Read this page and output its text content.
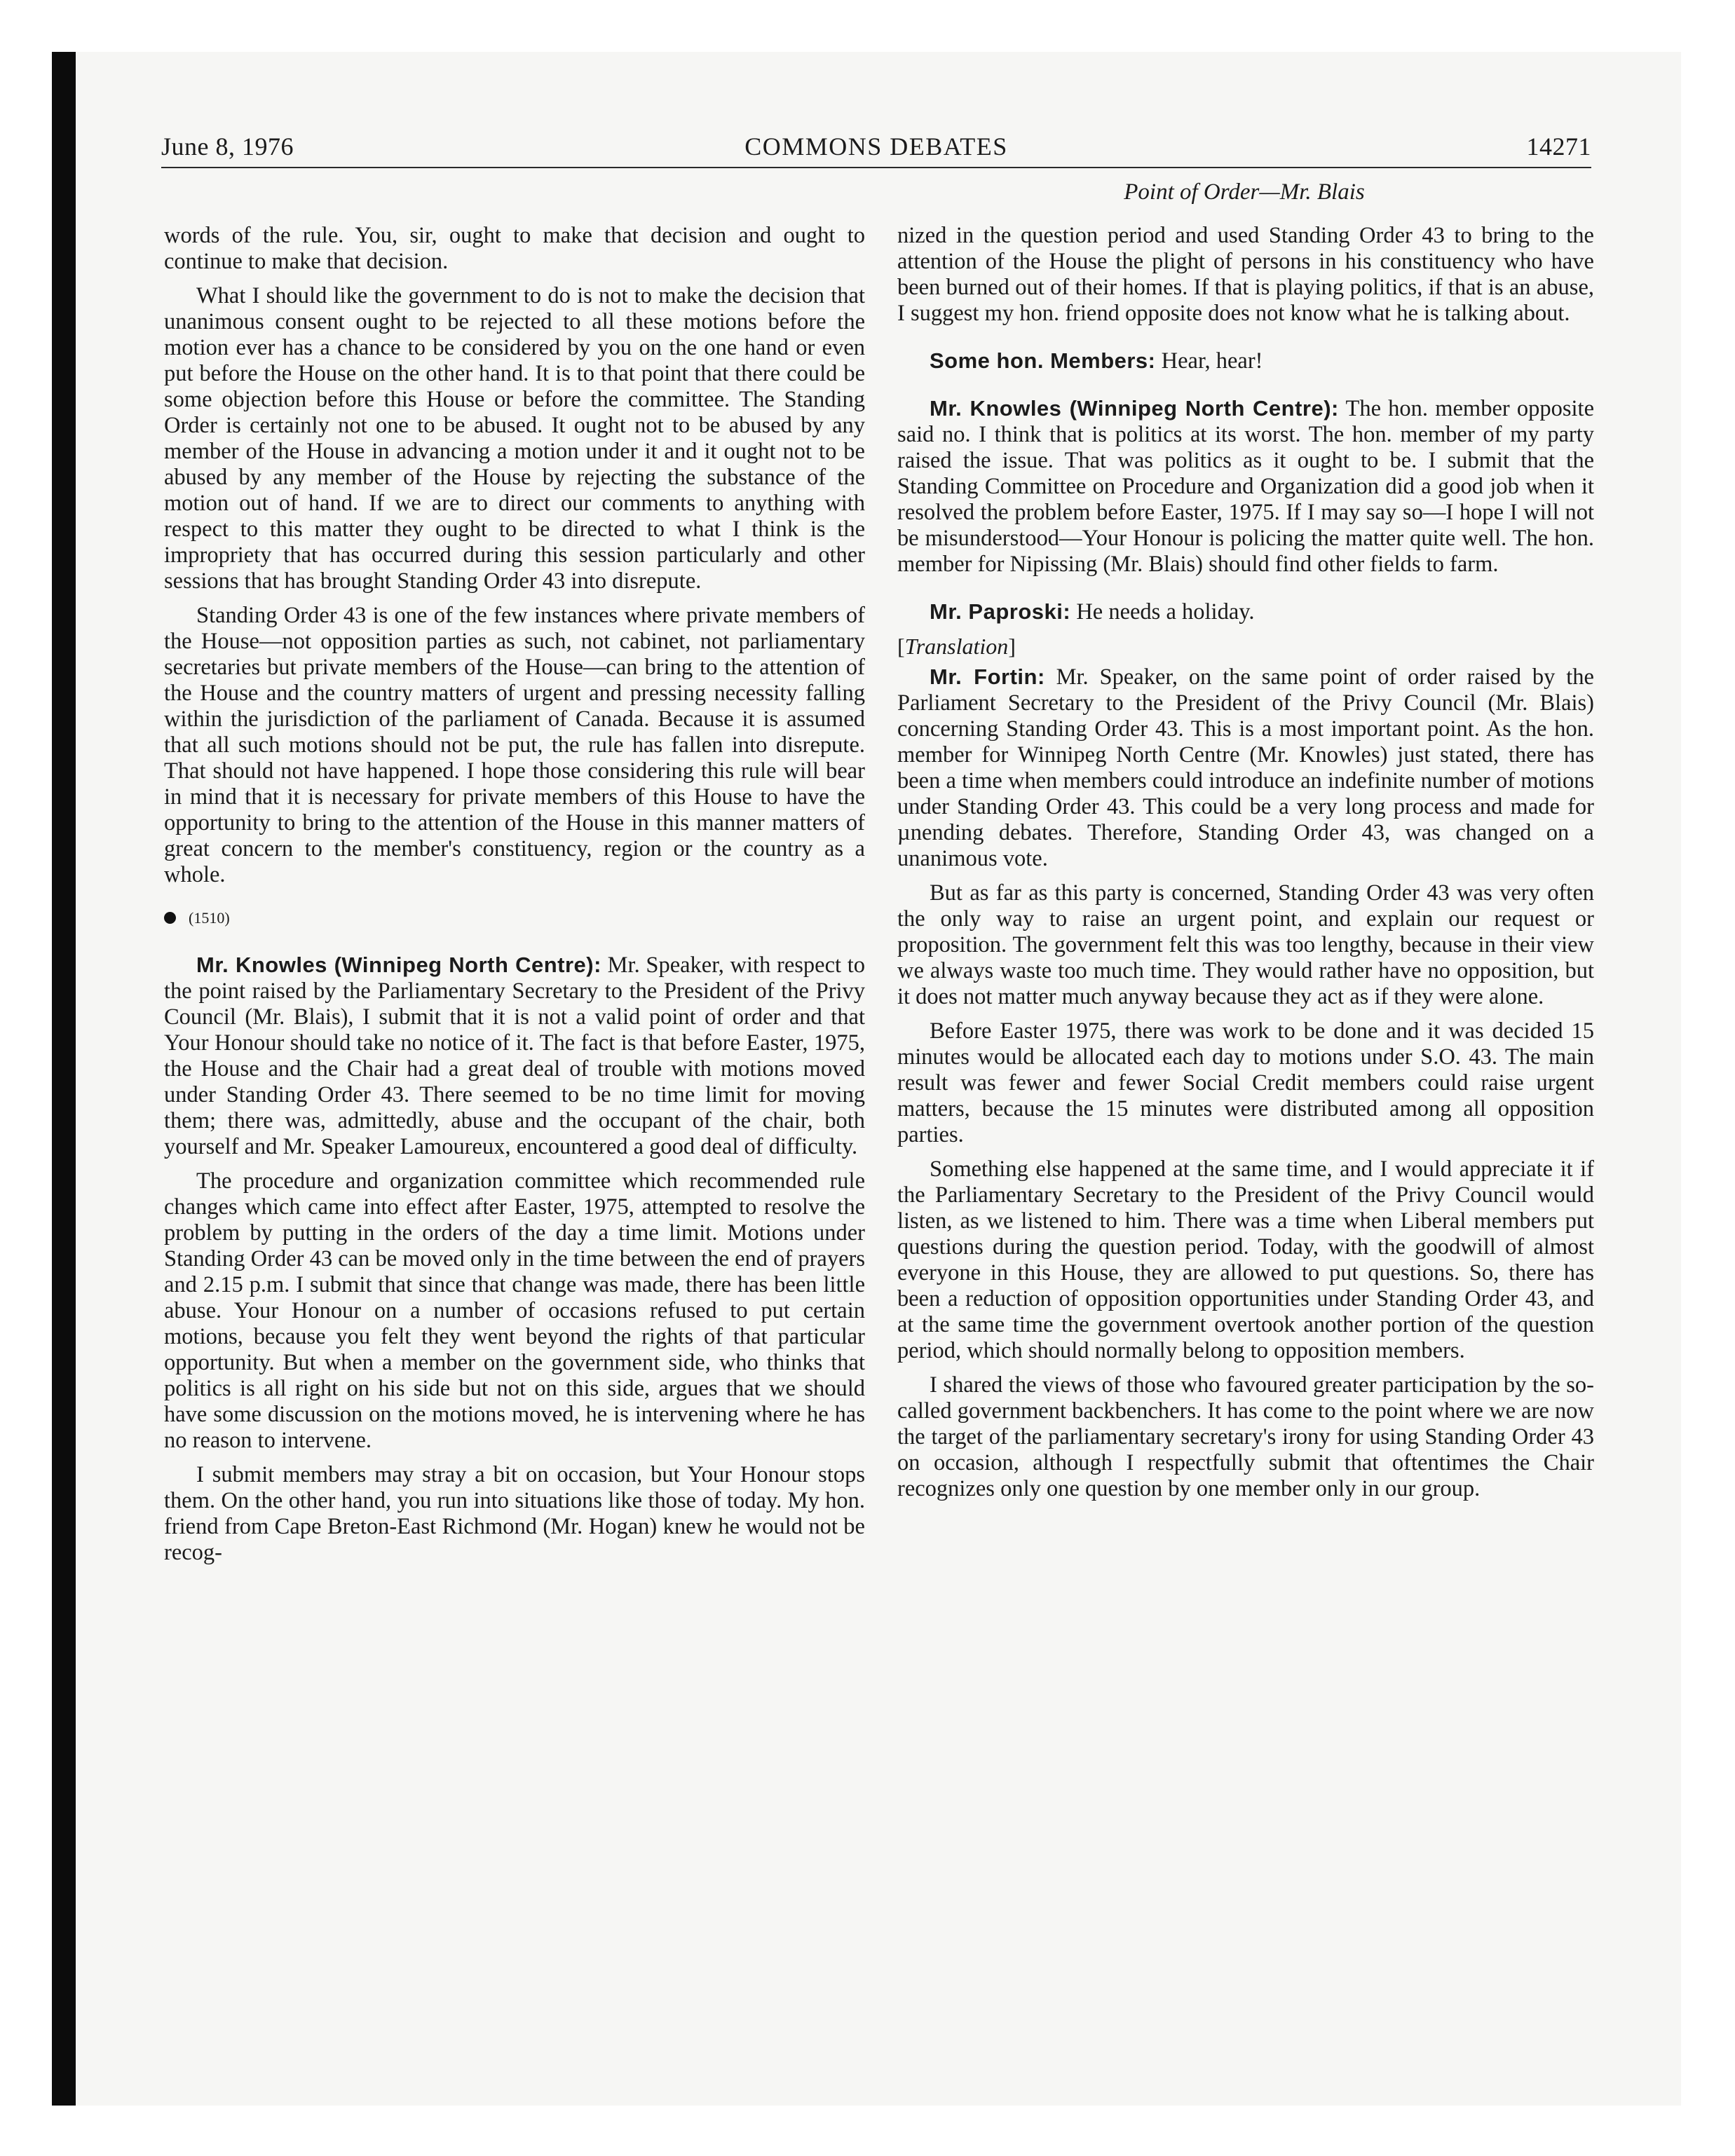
June 8, 1976	COMMONS DEBATES	14271
Point of Order—Mr. Blais

words of the rule. You, sir, ought to make that decision and ought to continue to make that decision.

What I should like the government to do is not to make the decision that unanimous consent ought to be rejected to all these motions before the motion ever has a chance to be considered by you on the one hand or even put before the House on the other hand. It is to that point that there could be some objection before this House or before the committee. The Standing Order is certainly not one to be abused. It ought not to be abused by any member of the House in advancing a motion under it and it ought not to be abused by any member of the House by rejecting the substance of the motion out of hand. If we are to direct our comments to anything with respect to this matter they ought to be directed to what I think is the impropriety that has occurred during this session particularly and other sessions that has brought Standing Order 43 into disrepute.

Standing Order 43 is one of the few instances where private members of the House—not opposition parties as such, not cabinet, not parliamentary secretaries but private members of the House—can bring to the attention of the House and the country matters of urgent and pressing necessity falling within the jurisdiction of the parliament of Canada. Because it is assumed that all such motions should not be put, the rule has fallen into disrepute. That should not have happened. I hope those considering this rule will bear in mind that it is necessary for private members of this House to have the opportunity to bring to the attention of the House in this manner matters of great concern to the member's constituency, region or the country as a whole.

(1510)

Mr. Knowles (Winnipeg North Centre): Mr. Speaker, with respect to the point raised by the Parliamentary Secretary to the President of the Privy Council (Mr. Blais), I submit that it is not a valid point of order and that Your Honour should take no notice of it. The fact is that before Easter, 1975, the House and the Chair had a great deal of trouble with motions moved under Standing Order 43. There seemed to be no time limit for moving them; there was, admittedly, abuse and the occupant of the chair, both yourself and Mr. Speaker Lamoureux, encountered a good deal of difficulty.

The procedure and organization committee which recommended rule changes which came into effect after Easter, 1975, attempted to resolve the problem by putting in the orders of the day a time limit. Motions under Standing Order 43 can be moved only in the time between the end of prayers and 2.15 p.m. I submit that since that change was made, there has been little abuse. Your Honour on a number of occasions refused to put certain motions, because you felt they went beyond the rights of that particular opportunity. But when a member on the government side, who thinks that politics is all right on his side but not on this side, argues that we should have some discussion on the motions moved, he is intervening where he has no reason to intervene.

I submit members may stray a bit on occasion, but Your Honour stops them. On the other hand, you run into situations like those of today. My hon. friend from Cape Breton-East Richmond (Mr. Hogan) knew he would not be recog-

nized in the question period and used Standing Order 43 to bring to the attention of the House the plight of persons in his constituency who have been burned out of their homes. If that is playing politics, if that is an abuse, I suggest my hon. friend opposite does not know what he is talking about.

Some hon. Members: Hear, hear!

Mr. Knowles (Winnipeg North Centre): The hon. member opposite said no. I think that is politics at its worst. The hon. member of my party raised the issue. That was politics as it ought to be. I submit that the Standing Committee on Procedure and Organization did a good job when it resolved the problem before Easter, 1975. If I may say so—I hope I will not be misunderstood—Your Honour is policing the matter quite well. The hon. member for Nipissing (Mr. Blais) should find other fields to farm.

Mr. Paproski: He needs a holiday.

[Translation]

Mr. Fortin: Mr. Speaker, on the same point of order raised by the Parliament Secretary to the President of the Privy Council (Mr. Blais) concerning Standing Order 43. This is a most important point. As the hon. member for Winnipeg North Centre (Mr. Knowles) just stated, there has been a time when members could introduce an indefinite number of motions under Standing Order 43. This could be a very long process and made for µnending debates. Therefore, Standing Order 43, was changed on a unanimous vote.

But as far as this party is concerned, Standing Order 43 was very often the only way to raise an urgent point, and explain our request or proposition. The government felt this was too lengthy, because in their view we always waste too much time. They would rather have no opposition, but it does not matter much anyway because they act as if they were alone.

Before Easter 1975, there was work to be done and it was decided 15 minutes would be allocated each day to motions under S.O. 43. The main result was fewer and fewer Social Credit members could raise urgent matters, because the 15 minutes were distributed among all opposition parties.

Something else happened at the same time, and I would appreciate it if the Parliamentary Secretary to the President of the Privy Council would listen, as we listened to him. There was a time when Liberal members put questions during the question period. Today, with the goodwill of almost everyone in this House, they are allowed to put questions. So, there has been a reduction of opposition opportunities under Standing Order 43, and at the same time the government overtook another portion of the question period, which should normally belong to opposition members.

I shared the views of those who favoured greater participation by the so-called government backbenchers. It has come to the point where we are now the target of the parliamentary secretary's irony for using Standing Order 43 on occasion, although I respectfully submit that oftentimes the Chair recognizes only one question by one member only in our group.
